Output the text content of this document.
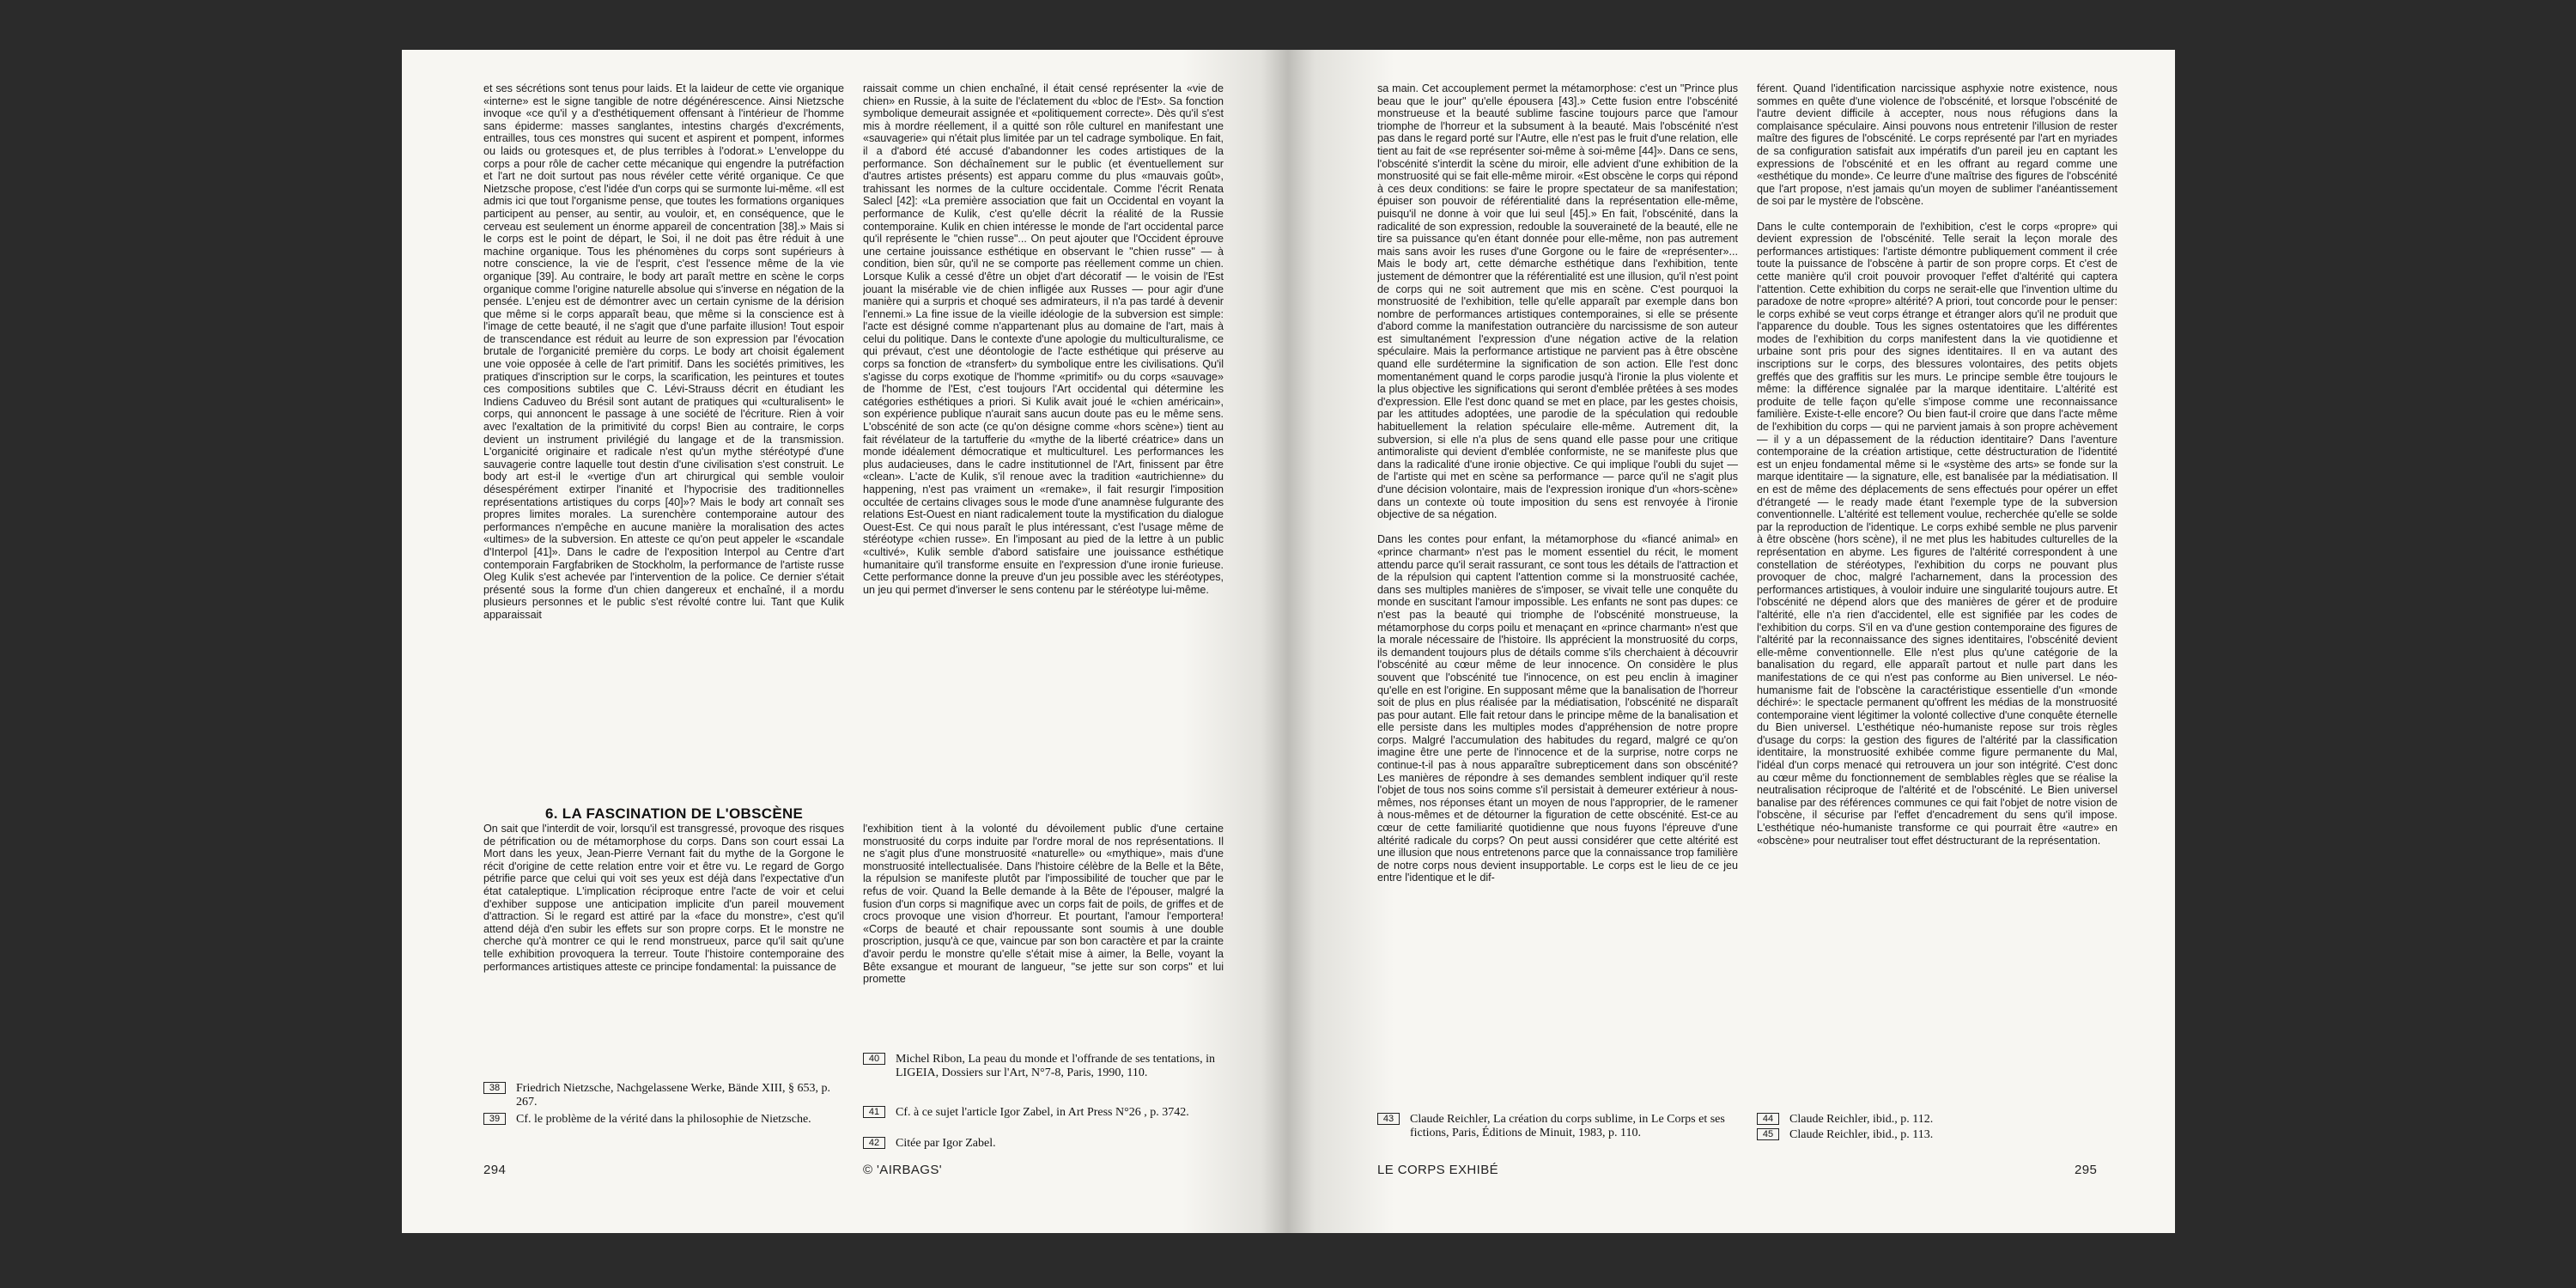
et ses sécrétions sont tenus pour laids. Et la laideur de cette vie organique «interne» est le signe tangible de notre dégénérescence. Ainsi Nietzsche invoque «ce qu'il y a d'esthétiquement offensant à l'intérieur de l'homme sans épiderme: masses sanglantes, intestins chargés d'excréments, entrailles, tous ces monstres qui sucent et aspirent et pompent, informes ou laids ou grotesques et, de plus terribles à l'odorat.» L'enveloppe du corps a pour rôle de cacher cette mécanique qui engendre la putréfaction et l'art ne doit surtout pas nous révéler cette vérité organique. Ce que Nietzsche propose, c'est l'idée d'un corps qui se surmonte lui-même. «Il est admis ici que tout l'organisme pense, que toutes les formations organiques participent au penser, au sentir, au vouloir, et, en conséquence, que le cerveau est seulement un énorme appareil de concentration [38].» Mais si le corps est le point de départ, le Soi, il ne doit pas être réduit à une machine organique. Tous les phénomènes du corps sont supérieurs à notre conscience, la vie de l'esprit, c'est l'essence même de la vie organique [39]. Au contraire, le body art paraît mettre en scène le corps organique comme l'origine naturelle absolue qui s'inverse en négation de la pensée. L'enjeu est de démontrer avec un certain cynisme de la dérision que même si le corps apparaît beau, que même si la conscience est à l'image de cette beauté, il ne s'agit que d'une parfaite illusion! Tout espoir de transcendance est réduit au leurre de son expression par l'évocation brutale de l'organicité première du corps. Le body art choisit également une voie opposée à celle de l'art primitif. Dans les sociétés primitives, les pratiques d'inscription sur le corps, la scarification, les peintures et toutes ces compositions subtiles que C. Lévi-Strauss décrit en étudiant les Indiens Caduveo du Brésil sont autant de pratiques qui «culturalisent» le corps, qui annoncent le passage à une société de l'écriture. Rien à voir avec l'exaltation de la primitivité du corps! Bien au contraire, le corps devient un instrument privilégié du langage et de la transmission. L'organicité originaire et radicale n'est qu'un mythe stéréotypé d'une sauvagerie contre laquelle tout destin d'une civilisation s'est construit. Le body art est-il le «vertige d'un art chirurgical qui semble vouloir désespérément extirper l'inanité et l'hypocrisie des traditionnelles représentations artistiques du corps [40]»? Mais le body art connaît ses propres limites morales. La surenchère contemporaine autour des performances n'empêche en aucune manière la moralisation des actes «ultimes» de la subversion. En atteste ce qu'on peut appeler le «scandale d'Interpol [41]». Dans le cadre de l'exposition Interpol au Centre d'art contemporain Fargfabriken de Stockholm, la performance de l'artiste russe Oleg Kulik s'est achevée par l'intervention de la police. Ce dernier s'était présenté sous la forme d'un chien dangereux et enchaîné, il a mordu plusieurs personnes et le public s'est révolté contre lui. Tant que Kulik apparaissait
raissait comme un chien enchaîné, il était censé représenter la «vie de chien» en Russie, à la suite de l'éclatement du «bloc de l'Est». Sa fonction symbolique demeurait assignée et «politiquement correcte». Dès qu'il s'est mis à mordre réellement, il a quitté son rôle culturel en manifestant une «sauvagerie» qui n'était plus limitée par un tel cadrage symbolique. En fait, il a d'abord été accusé d'abandonner les codes artistiques de la performance. Son déchaînement sur le public (et éventuellement sur d'autres artistes présents) est apparu comme du plus «mauvais goût», trahissant les normes de la culture occidentale. Comme l'écrit Renata Salecl [42]: «La première association que fait un Occidental en voyant la performance de Kulik, c'est qu'elle décrit la réalité de la Russie contemporaine. Kulik en chien intéresse le monde de l'art occidental parce qu'il représente le "chien russe"... On peut ajouter que l'Occident éprouve une certaine jouissance esthétique en observant le "chien russe" — à condition, bien sûr, qu'il ne se comporte pas réellement comme un chien. Lorsque Kulik a cessé d'être un objet d'art décoratif — le voisin de l'Est jouant la misérable vie de chien infligée aux Russes — pour agir d'une manière qui a surpris et choqué ses admirateurs, il n'a pas tardé à devenir l'ennemi.» La fine issue de la vieille idéologie de la subversion est simple: l'acte est désigné comme n'appartenant plus au domaine de l'art, mais à celui du politique. Dans le contexte d'une apologie du multiculturalisme, ce qui prévaut, c'est une déontologie de l'acte esthétique qui préserve au corps sa fonction de «transfert» du symbolique entre les civilisations. Qu'il s'agisse du corps exotique de l'homme «primitif» ou du corps «sauvage» de l'homme de l'Est, c'est toujours l'Art occidental qui détermine les catégories esthétiques a priori. Si Kulik avait joué le «chien américain», son expérience publique n'aurait sans aucun doute pas eu le même sens. L'obscénité de son acte (ce qu'on désigne comme «hors scène») tient au fait révélateur de la tartufferie du «mythe de la liberté créatrice» dans un monde idéalement démocratique et multiculturel. Les performances les plus audacieuses, dans le cadre institutionnel de l'Art, finissent par être «clean». L'acte de Kulik, s'il renoue avec la tradition «autrichienne» du happening, n'est pas vraiment un «remake», il fait resurgir l'imposition occultée de certains clivages sous le mode d'une anamnèse fulgurante des relations Est-Ouest en niant radicalement toute la mystification du dialogue Ouest-Est. Ce qui nous paraît le plus intéressant, c'est l'usage même de stéréotype «chien russe». En l'imposant au pied de la lettre à un public «cultivé», Kulik semble d'abord satisfaire une jouissance esthétique humanitaire qu'il transforme ensuite en l'expression d'une ironie furieuse. Cette performance donne la preuve d'un jeu possible avec les stéréotypes, un jeu qui permet d'inverser le sens contenu par le stéréotype lui-même.
6. LA FASCINATION DE L'OBSCÈNE
On sait que l'interdit de voir, lorsqu'il est transgressé, provoque des risques de pétrification ou de métamorphose du corps. Dans son court essai La Mort dans les yeux, Jean-Pierre Vernant fait du mythe de la Gorgone le récit d'origine de cette relation entre voir et être vu. Le regard de Gorgo pétrifie parce que celui qui voit ses yeux est déjà dans l'expectative d'un état cataleptique. L'implication réciproque entre l'acte de voir et celui d'exhiber suppose une anticipation implicite d'un pareil mouvement d'attraction. Si le regard est attiré par la «face du monstre», c'est qu'il attend déjà d'en subir les effets sur son propre corps. Et le monstre ne cherche qu'à montrer ce qui le rend monstrueux, parce qu'il sait qu'une telle exhibition provoquera la terreur. Toute l'histoire contemporaine des performances artistiques atteste ce principe fondamental: la puissance de
l'exhibition tient à la volonté du dévoilement public d'une certaine monstruosité du corps induite par l'ordre moral de nos représentations. Il ne s'agit plus d'une monstruosité «naturelle» ou «mythique», mais d'une monstruosité intellectualisée. Dans l'histoire célèbre de la Belle et la Bête, la répulsion se manifeste plutôt par l'impossibilité de toucher que par le refus de voir. Quand la Belle demande à la Bête de l'épouser, malgré la fusion d'un corps si magnifique avec un corps fait de poils, de griffes et de crocs provoque une vision d'horreur. Et pourtant, l'amour l'emportera! «Corps de beauté et chair repoussante sont soumis à une double proscription, jusqu'à ce que, vaincue par son bon caractère et par la crainte d'avoir perdu le monstre qu'elle s'était mise à aimer, la Belle, voyant la Bête exsangue et mourant de langueur, "se jette sur son corps" et lui promette
38	Friedrich Nietzsche, Nachgelassene Werke, Bände XIII, § 653, p. 267.
39	Cf. le problème de la vérité dans la philosophie de Nietzsche.
40	Michel Ribon, La peau du monde et l'offrande de ses tentations, in LIGEIA, Dossiers sur l'Art, N°7-8, Paris, 1990, 110.
41	Cf. à ce sujet l'article Igor Zabel, in Art Press N°26 , p. 3742.
42	Citée par Igor Zabel.
294	© 'AIRBAGS'
sa main. Cet accouplement permet la métamorphose: c'est un "Prince plus beau que le jour" qu'elle épousera [43].» Cette fusion entre l'obscénité monstrueuse et la beauté sublime fascine toujours parce que l'amour triomphe de l'horreur et la subsument à la beauté. Mais l'obscénité n'est pas dans le regard porté sur l'Autre, elle n'est pas le fruit d'une relation, elle tient au fait de «se représenter soi-même à soi-même [44]». Dans ce sens, l'obscénité s'interdit la scène du miroir, elle advient d'une exhibition de la monstruosité qui se fait elle-même miroir. «Est obscène le corps qui répond à ces deux conditions: se faire le propre spectateur de sa manifestation; épuiser son pouvoir de référentialité dans la représentation elle-même, puisqu'il ne donne à voir que lui seul [45].» En fait, l'obscénité, dans la radicalité de son expression, redouble la souveraineté de la beauté, elle ne tire sa puissance qu'en étant donnée pour elle-même, non pas autrement mais sans avoir les ruses d'une Gorgone ou le faire de «représenter»... Mais le body art, cette démarche esthétique dans l'exhibition, tente justement de démontrer que la référentialité est une illusion, qu'il n'est point de corps qui ne soit autrement que mis en scène. C'est pourquoi la monstruosité de l'exhibition, telle qu'elle apparaît par exemple dans bon nombre de performances artistiques contemporaines, si elle se présente d'abord comme la manifestation outrancière du narcissisme de son auteur est simultanément l'expression d'une négation active de la relation spéculaire. Mais la performance artistique ne parvient pas à être obscène quand elle surdétermine la signification de son action. Elle l'est donc momentanément quand le corps parodie jusqu'à l'ironie la plus violente et la plus objective les significations qui seront d'emblée prêtées à ses modes d'expression. Elle l'est donc quand se met en place, par les gestes choisis, par les attitudes adoptées, une parodie de la spéculation qui redouble habituellement la relation spéculaire elle-même. Autrement dit, la subversion, si elle n'a plus de sens quand elle passe pour une critique antimoraliste qui devient d'emblée conformiste, ne se manifeste plus que dans la radicalité d'une ironie objective. Ce qui implique l'oubli du sujet — de l'artiste qui met en scène sa performance — parce qu'il ne s'agit plus d'une décision volontaire, mais de l'expression ironique d'un «hors-scène» dans un contexte où toute imposition du sens est renvoyée à l'ironie objective de sa négation.

Dans les contes pour enfant, la métamorphose du «fiancé animal» en «prince charmant» n'est pas le moment essentiel du récit, le moment attendu parce qu'il serait rassurant, ce sont tous les détails de l'attraction et de la répulsion qui captent l'attention comme si la monstruosité cachée, dans ses multiples manières de s'imposer, se vivait telle une conquête du monde en suscitant l'amour impossible. Les enfants ne sont pas dupes: ce n'est pas la beauté qui triomphe de l'obscénité monstrueuse, la métamorphose du corps poilu et menaçant en «prince charmant» n'est que la morale nécessaire de l'histoire. Ils apprécient la monstruosité du corps, ils demandent toujours plus de détails comme s'ils cherchaient à découvrir l'obscénité au cœur même de leur innocence. On considère le plus souvent que l'obscénité tue l'innocence, on est peu enclin à imaginer qu'elle en est l'origine. En supposant même que la banalisation de l'horreur soit de plus en plus réalisée par la médiatisation, l'obscénité ne disparaît pas pour autant. Elle fait retour dans le principe même de la banalisation et elle persiste dans les multiples modes d'appréhension de notre propre corps. Malgré l'accumulation des habitudes du regard, malgré ce qu'on imagine être une perte de l'innocence et de la surprise, notre corps ne continue-t-il pas à nous apparaître subrepticement dans son obscénité? Les manières de répondre à ses demandes semblent indiquer qu'il reste l'objet de tous nos soins comme s'il persistait à demeurer extérieur à nous-mêmes, nos réponses étant un moyen de nous l'approprier, de le ramener à nous-mêmes et de détourner la figuration de cette obscénité. Est-ce au cœur de cette familiarité quotidienne que nous fuyons l'épreuve d'une altérité radicale du corps? On peut aussi considérer que cette altérité est une illusion que nous entretenons parce que la connaissance trop familière de notre corps nous devient insupportable. Le corps est le lieu de ce jeu entre l'identique et le dif-
férent. Quand l'identification narcissique asphyxie notre existence, nous sommes en quête d'une violence de l'obscénité, et lorsque l'obscénité de l'autre devient difficile à accepter, nous nous réfugions dans la complaisance spéculaire. Ainsi pouvons nous entretenir l'illusion de rester maître des figures de l'obscénité. Le corps représenté par l'art en myriades de sa configuration satisfait aux impératifs d'un pareil jeu en captant les expressions de l'obscénité et en les offrant au regard comme une «esthétique du monde». Ce leurre d'une maîtrise des figures de l'obscénité que l'art propose, n'est jamais qu'un moyen de sublimer l'anéantissement de soi par le mystère de l'obscène.

Dans le culte contemporain de l'exhibition, c'est le corps «propre» qui devient expression de l'obscénité. Telle serait la leçon morale des performances artistiques: l'artiste démontre publiquement comment il crée toute la puissance de l'obscène à partir de son propre corps. Et c'est de cette manière qu'il croit pouvoir provoquer l'effet d'altérité qui captera l'attention. Cette exhibition du corps ne serait-elle que l'invention ultime du paradoxe de notre «propre» altérité? A priori, tout concorde pour le penser: le corps exhibé se veut corps étrange et étranger alors qu'il ne produit que l'apparence du double. Tous les signes ostentatoires que les différentes modes de l'exhibition du corps manifestent dans la vie quotidienne et urbaine sont pris pour des signes identitaires. Il en va autant des inscriptions sur le corps, des blessures volontaires, des petits objets greffés que des graffitis sur les murs. Le principe semble être toujours le même: la différence signalée par la marque identitaire. L'altérité est produite de telle façon qu'elle s'impose comme une reconnaissance familière. Existe-t-elle encore? Ou bien faut-il croire que dans l'acte même de l'exhibition du corps — qui ne parvient jamais à son propre achèvement — il y a un dépassement de la réduction identitaire? Dans l'aventure contemporaine de la création artistique, cette déstructuration de l'identité est un enjeu fondamental même si le «système des arts» se fonde sur la marque identitaire — la signature, elle, est banalisée par la médiatisation. Il en est de même des déplacements de sens effectués pour opérer un effet d'étrangeté — le ready made étant l'exemple type de la subversion conventionnelle. L'altérité est tellement voulue, recherchée qu'elle se solde par la reproduction de l'identique. Le corps exhibé semble ne plus parvenir à être obscène (hors scène), il ne met plus les habitudes culturelles de la représentation en abyme. Les figures de l'altérité correspondent à une constellation de stéréotypes, l'exhibition du corps ne pouvant plus provoquer de choc, malgré l'acharnement, dans la procession des performances artistiques, à vouloir induire une singularité toujours autre. Et l'obscénité ne dépend alors que des manières de gérer et de produire l'altérité, elle n'a rien d'accidentel, elle est signifiée par les codes de l'exhibition du corps. S'il en va d'une gestion contemporaine des figures de l'altérité par la reconnaissance des signes identitaires, l'obscénité devient elle-même conventionnelle. Elle n'est plus qu'une catégorie de la banalisation du regard, elle apparaît partout et nulle part dans les manifestations de ce qui n'est pas conforme au Bien universel. Le néo-humanisme fait de l'obscène la caractéristique essentielle d'un «monde déchiré»: le spectacle permanent qu'offrent les médias de la monstruosité contemporaine vient légitimer la volonté collective d'une conquête éternelle du Bien universel. L'esthétique néo-humaniste repose sur trois règles d'usage du corps: la gestion des figures de l'altérité par la classification identitaire, la monstruosité exhibée comme figure permanente du Mal, l'idéal d'un corps menacé qui retrouvera un jour son intégrité. C'est donc au cœur même du fonctionnement de semblables règles que se réalise la neutralisation réciproque de l'altérité et de l'obscénité. Le Bien universel banalise par des références communes ce qui fait l'objet de notre vision de l'obscène, il sécurise par l'effet d'encadrement du sens qu'il impose. L'esthétique néo-humaniste transforme ce qui pourrait être «autre» en «obscène» pour neutraliser tout effet déstructurant de la représentation.
43	Claude Reichler, La création du corps sublime, in Le Corps et ses fictions, Paris, Éditions de Minuit, 1983, p. 110.
44	Claude Reichler, ibid., p. 112.
45	Claude Reichler, ibid., p. 113.
LE CORPS EXHIBÉ	295
